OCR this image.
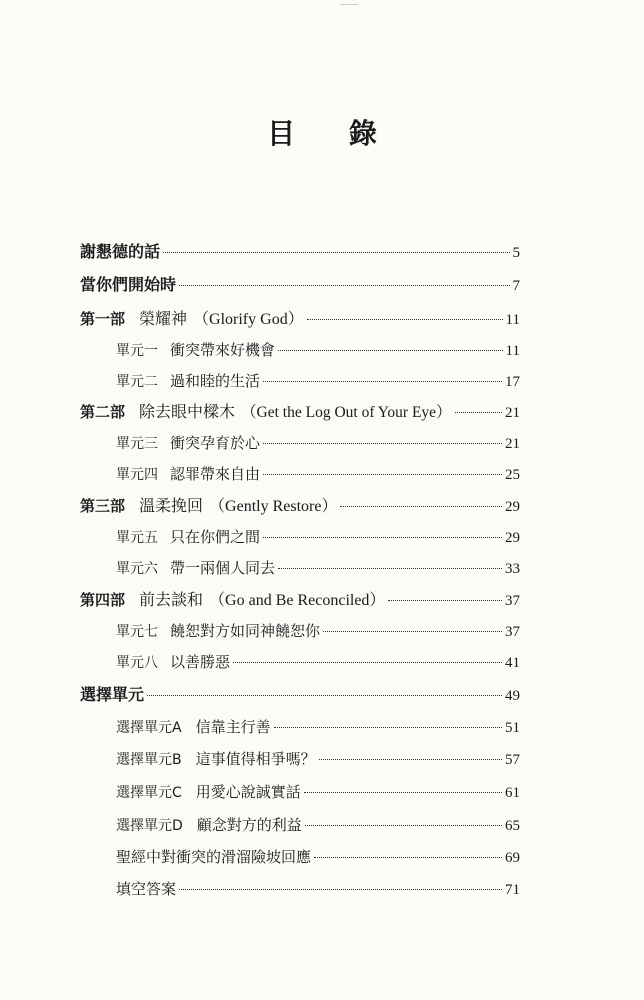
目 錄
謝懇德的話	5
當你們開始時	7
第一部 榮耀神 （Glorify God）	11
單元一 衝突帶來好機會	11
單元二 過和睦的生活	17
第二部 除去眼中樑木 （Get the Log Out of Your Eye）	21
單元三 衝突孕育於心	21
單元四 認罪帶來自由	25
第三部 溫柔挽回 （Gently Restore）	29
單元五 只在你們之間	29
單元六 帶一兩個人同去	33
第四部 前去談和 （Go and Be Reconciled）	37
單元七 饒恕對方如同神饒恕你	37
單元八 以善勝惡	41
選擇單元	49
選擇單元A 信靠主行善	51
選擇單元B 這事值得相爭嗎？	57
選擇單元C 用愛心說誠實話	61
選擇單元D 顧念對方的利益	65
聖經中對衝突的滑溜險坡回應	69
填空答案	71
